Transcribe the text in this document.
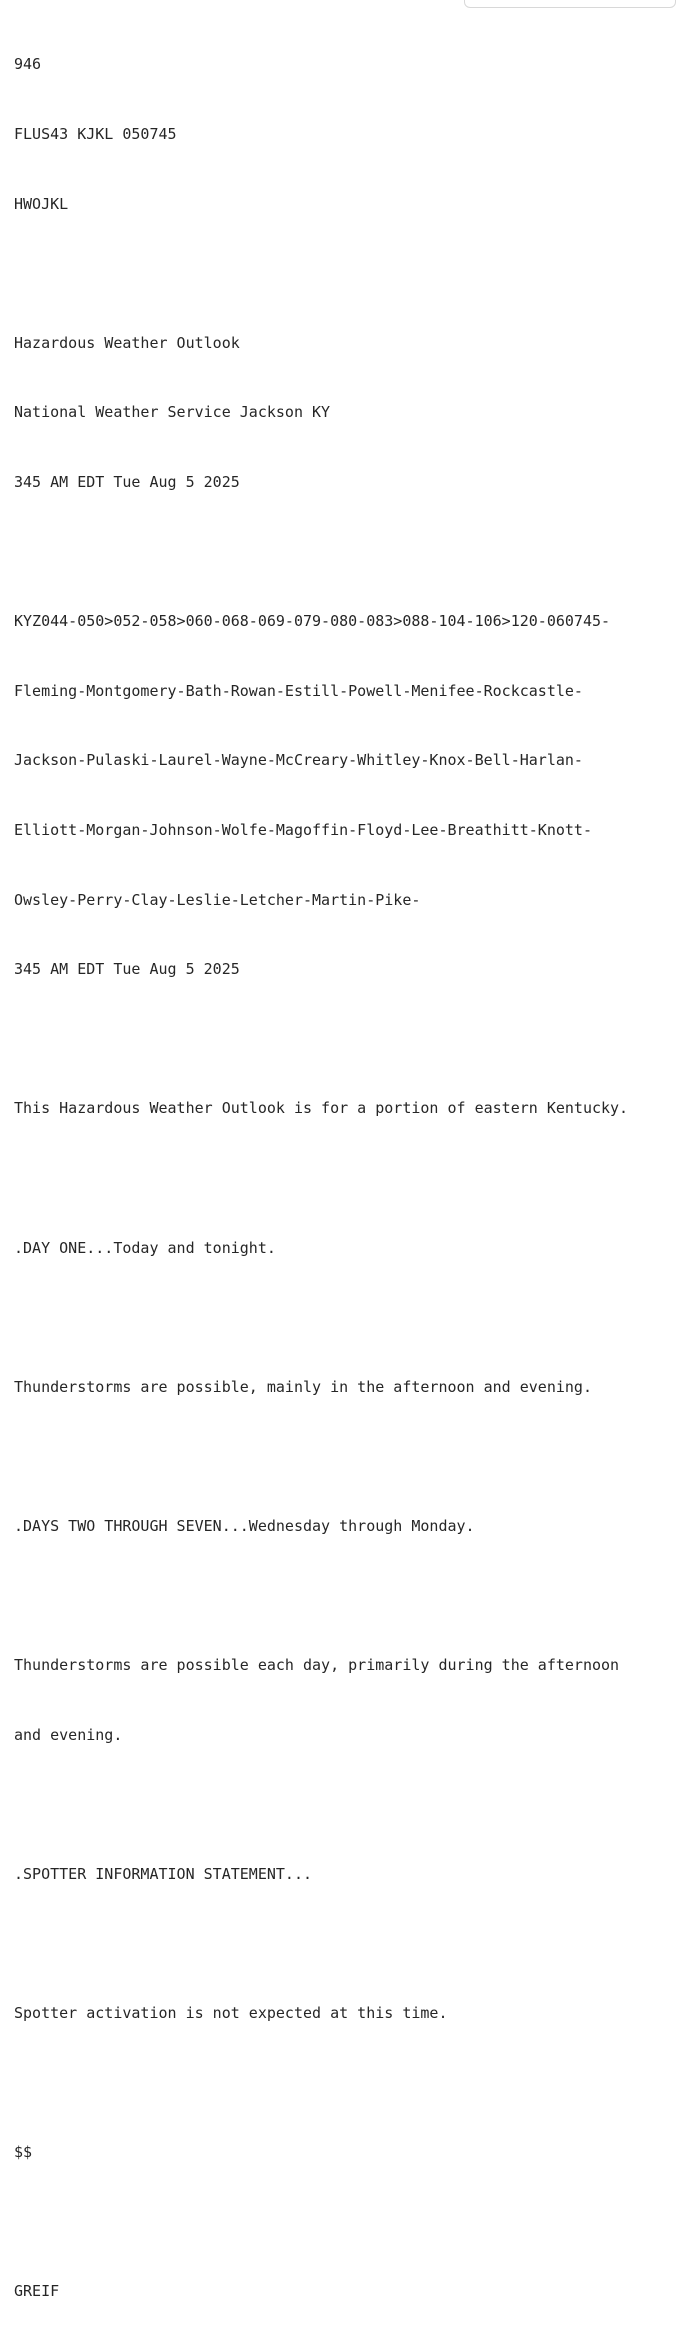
946

FLUS43 KJKL 050745

HWOJKL

Hazardous Weather Outlook

National Weather Service Jackson KY

345 AM EDT Tue Aug 5 2025

KYZ044-050>052-058>060-068-069-079-080-083>088-104-106>120-060745-

Fleming-Montgomery-Bath-Rowan-Estill-Powell-Menifee-Rockcastle-

Jackson-Pulaski-Laurel-Wayne-McCreary-Whitley-Knox-Bell-Harlan-

Elliott-Morgan-Johnson-Wolfe-Magoffin-Floyd-Lee-Breathitt-Knott-

Owsley-Perry-Clay-Leslie-Letcher-Martin-Pike-

345 AM EDT Tue Aug 5 2025

This Hazardous Weather Outlook is for a portion of eastern Kentucky.

.DAY ONE...Today and tonight.

Thunderstorms are possible, mainly in the afternoon and evening.

.DAYS TWO THROUGH SEVEN...Wednesday through Monday.

Thunderstorms are possible each day, primarily during the afternoon

and evening.

.SPOTTER INFORMATION STATEMENT...

Spotter activation is not expected at this time.

$$

GREIF
